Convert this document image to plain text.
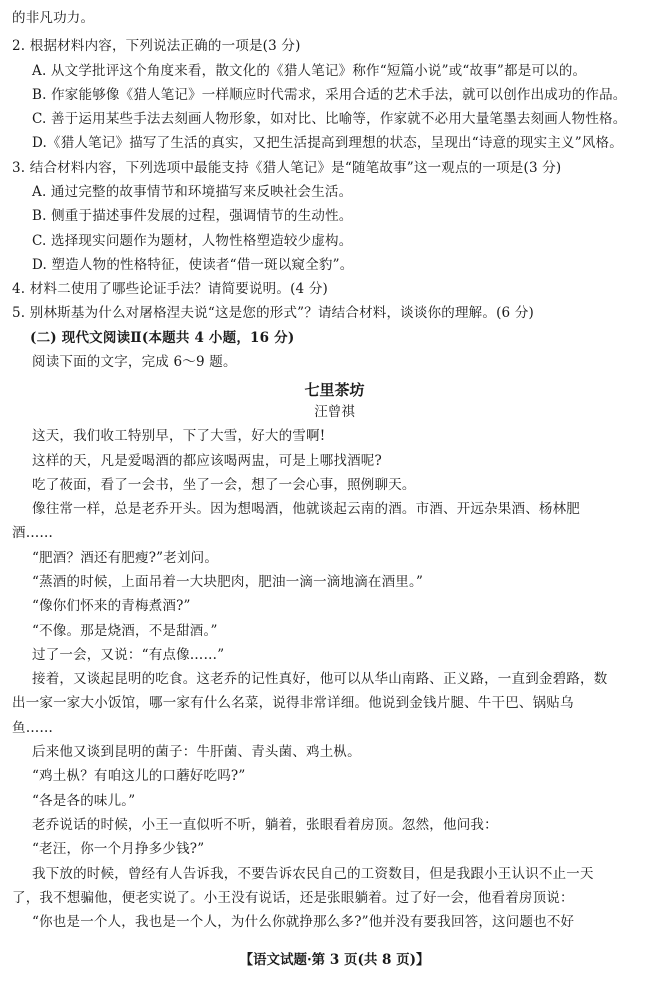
的非凡功力。
2. 根据材料内容，下列说法正确的一项是(3 分)
A. 从文学批评这个角度来看，散文化的《猎人笔记》称作“短篇小说”或“故事”都是可以的。
B. 作家能够像《猎人笔记》一样顺应时代需求，采用合适的艺术手法，就可以创作出成功的作品。
C. 善于运用某些手法去刻画人物形象，如对比、比喻等，作家就不必用大量笔墨去刻画人物性格。
D.《猎人笔记》描写了生活的真实，又把生活提高到理想的状态，呈现出“诗意的现实主义”风格。
3. 结合材料内容，下列选项中最能支持《猎人笔记》是“随笔故事”这一观点的一项是(3 分)
A. 通过完整的故事情节和环境描写来反映社会生活。
B. 侧重于描述事件发展的过程，强调情节的生动性。
C. 选择现实问题作为题材，人物性格塑造较少虚构。
D. 塑造人物的性格特征，使读者“借一斑以窥全豹”。
4. 材料二使用了哪些论证手法？请简要说明。(4 分)
5. 别林斯基为什么对屠格涅夫说“这是您的形式”？请结合材料，谈谈你的理解。(6 分)
(二) 现代文阅读Ⅱ(本题共 4 小题，16 分)
阅读下面的文字，完成 6～9 题。
七里茶坊
汪曾祺
这天，我们收工特别早，下了大雪，好大的雪啊!
这样的天，凡是爱喝酒的都应该喝两盅，可是上哪找酒呢?
吃了莜面，看了一会书，坐了一会，想了一会心事，照例聊天。
像往常一样，总是老乔开头。因为想喝酒，他就谈起云南的酒。市酒、开远杂果酒、杨林肥
酒……
“肥酒？酒还有肥瘦?”老刘问。
“蒸酒的时候，上面吊着一大块肥肉，肥油一滴一滴地滴在酒里。”
“像你们怀来的青梅煮酒?”
“不像。那是烧酒，不是甜酒。”
过了一会，又说：“有点像……”
接着，又谈起昆明的吃食。这老乔的记性真好，他可以从华山南路、正义路，一直到金碧路，数
出一家一家大小饭馆，哪一家有什么名菜，说得非常详细。他说到金钱片腿、牛干巴、锅贴乌
鱼……
后来他又谈到昆明的菌子：牛肝菌、青头菌、鸡土枞。
“鸡土枞？有咱这儿的口蘑好吃吗?”
“各是各的味儿。”
老乔说话的时候，小王一直似听不听，躺着，张眼看着房顶。忽然，他问我：
“老汪，你一个月挣多少钱?”
我下放的时候，曾经有人告诉我，不要告诉农民自己的工资数目，但是我跟小王认识不止一天
了，我不想骗他，便老实说了。小王没有说话，还是张眼躺着。过了好一会，他看着房顶说：
“你也是一个人，我也是一个人，为什么你就挣那么多?”他并没有要我回答，这问题也不好
【语文试题·第 3 页(共 8 页)】
